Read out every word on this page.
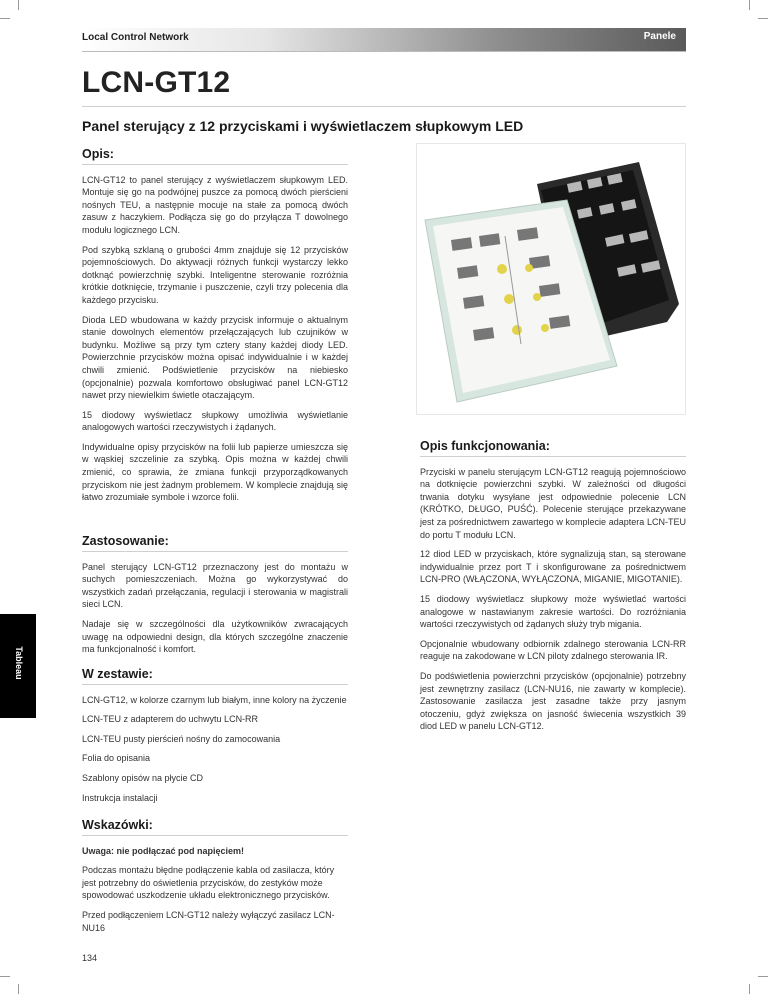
Local Control Network	Panele
LCN-GT12
Panel sterujący z 12 przyciskami i wyświetlaczem słupkowym LED
Opis:

LCN-GT12 to panel sterujący z wyświetlaczem słupkowym LED. Montuje się go na podwójnej puszce za pomocą dwóch pierścieni nośnych TEU, a następnie mocuje na stałe za pomocą dwóch zasuw z haczykiem. Podłącza się go do przyłącza T dowolnego modułu logicznego LCN.

Pod szybką szklaną o grubości 4mm znajduje się 12 przycisków pojemnościowych. Do aktywacji różnych funkcji wystarczy lekko dotknąć powierzchnię szybki. Inteligentne sterowanie rozróżnia krótkie dotknięcie, trzymanie i puszczenie, czyli trzy polecenia dla każdego przycisku.

Dioda LED wbudowana w każdy przycisk informuje o aktualnym stanie dowolnych elementów przełączających lub czujników w budynku. Możliwe są przy tym cztery stany każdej diody LED. Powierzchnie przycisków można opisać indywidualnie i w każdej chwili zmienić. Podświetlenie przycisków na niebiesko (opcjonalnie) pozwala komfortowo obsługiwać panel LCN-GT12 nawet przy niewielkim świetle otaczającym.

15 diodowy wyświetlacz słupkowy umożliwia wyświetlanie analogowych wartości rzeczywistych i żądanych.

Indywidualne opisy przycisków na folii lub papierze umieszcza się w wąskiej szczelinie za szybką. Opis można w każdej chwili zmienić, co sprawia, że zmiana funkcji przyporządkowanych przyciskom nie jest żadnym problemem. W komplecie znajdują się łatwo zrozumiałe symbole i wzorce folii.

Zastosowanie:

Panel sterujący LCN-GT12 przeznaczony jest do montażu w suchych pomieszczeniach. Można go wykorzystywać do wszystkich zadań przełączania, regulacji i sterowania w magistrali sieci LCN.

Nadaje się w szczególności dla użytkowników zwracających uwagę na odpowiedni design, dla których szczególne znaczenie ma funkcjonalność i komfort.

W zestawie:

LCN-GT12, w kolorze czarnym lub białym, inne kolory na życzenie

LCN-TEU z adapterem do uchwytu LCN-RR

LCN-TEU pusty pierścień nośny do zamocowania

Folia do opisania

Szablony opisów na płycie CD

Instrukcja instalacji

Wskazówki:

Uwaga: nie podłączać pod napięciem!

Podczas montażu błędne podłączenie kabla od zasilacza, który jest potrzebny do oświetlenia przycisków, do zestyków może spowodować uszkodzenie układu elektronicznego przycisków.

Przed podłączeniem LCN-GT12 należy wyłączyć zasilacz LCN-NU16

Opis funkcjonowania:

Przyciski w panelu sterującym LCN-GT12 reagują pojemnościowo na dotknięcie powierzchni szybki. W zależności od długości trwania dotyku wysyłane jest odpowiednie polecenie LCN (KRÓTKO, DŁUGO, PUŚĆ). Polecenie sterujące przekazywane jest za pośrednictwem zawartego w komplecie adaptera LCN-TEU do portu T modułu LCN.

12 diod LED w przyciskach, które sygnalizują stan, są sterowane indywidualnie przez port T i skonfigurowane za pośrednictwem LCN-PRO (WŁĄCZONA, WYŁĄCZONA, MIGANIE, MIGOTANIE).

15 diodowy wyświetlacz słupkowy może wyświetlać wartości analogowe w nastawianym zakresie wartości. Do rozróżniania wartości rzeczywistych od żądanych służy tryb migania.

Opcjonalnie wbudowany odbiornik zdalnego sterowania LCN-RR reaguje na zakodowane w LCN piloty zdalnego sterowania IR.

Do podświetlenia powierzchni przycisków (opcjonalnie) potrzebny jest zewnętrzny zasilacz (LCN-NU16, nie zawarty w komplecie). Zastosowanie zasilacza jest zasadne także przy jasnym otoczeniu, gdyż zwiększa on jasność świecenia wszystkich 39 diod LED w panelu LCN-GT12.

Tableau
134
